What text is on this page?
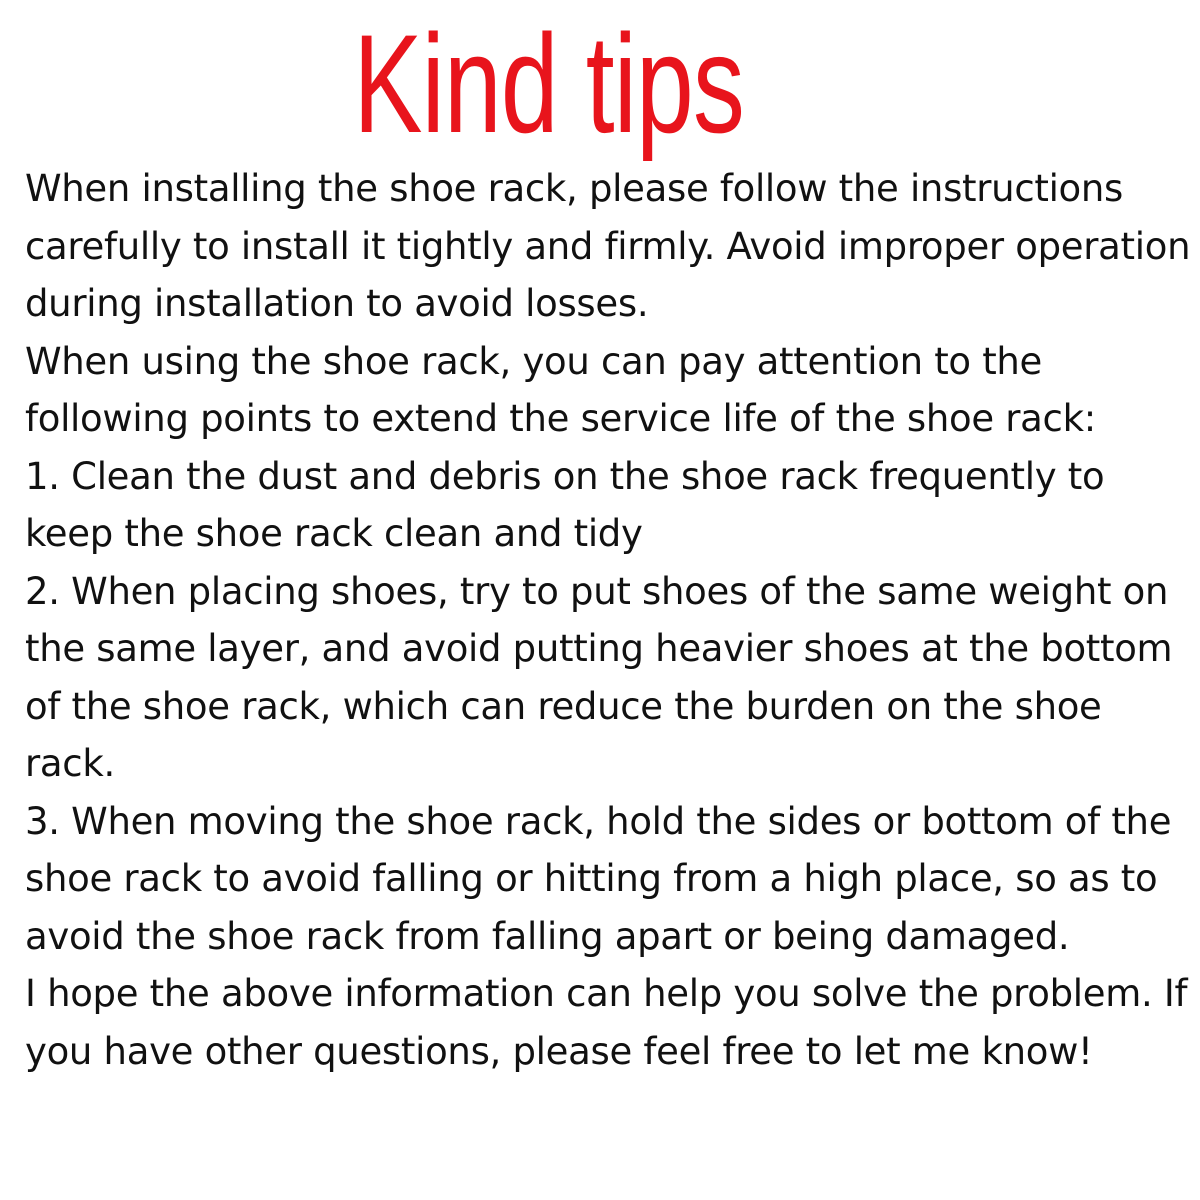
Kind tips

When installing the shoe rack, please follow the instructions carefully to install it tightly and firmly. Avoid improper operation during installation to avoid losses.

When using the shoe rack, you can pay attention to the following points to extend the service life of the shoe rack:

1. Clean the dust and debris on the shoe rack frequently to keep the shoe rack clean and tidy

2. When placing shoes, try to put shoes of the same weight on the same layer, and avoid putting heavier shoes at the bottom of the shoe rack, which can reduce the burden on the shoe rack.

3. When moving the shoe rack, hold the sides or bottom of the shoe rack to avoid falling or hitting from a high place, so as to avoid the shoe rack from falling apart or being damaged.

I hope the above information can help you solve the problem. If you have other questions, please feel free to let me know!
